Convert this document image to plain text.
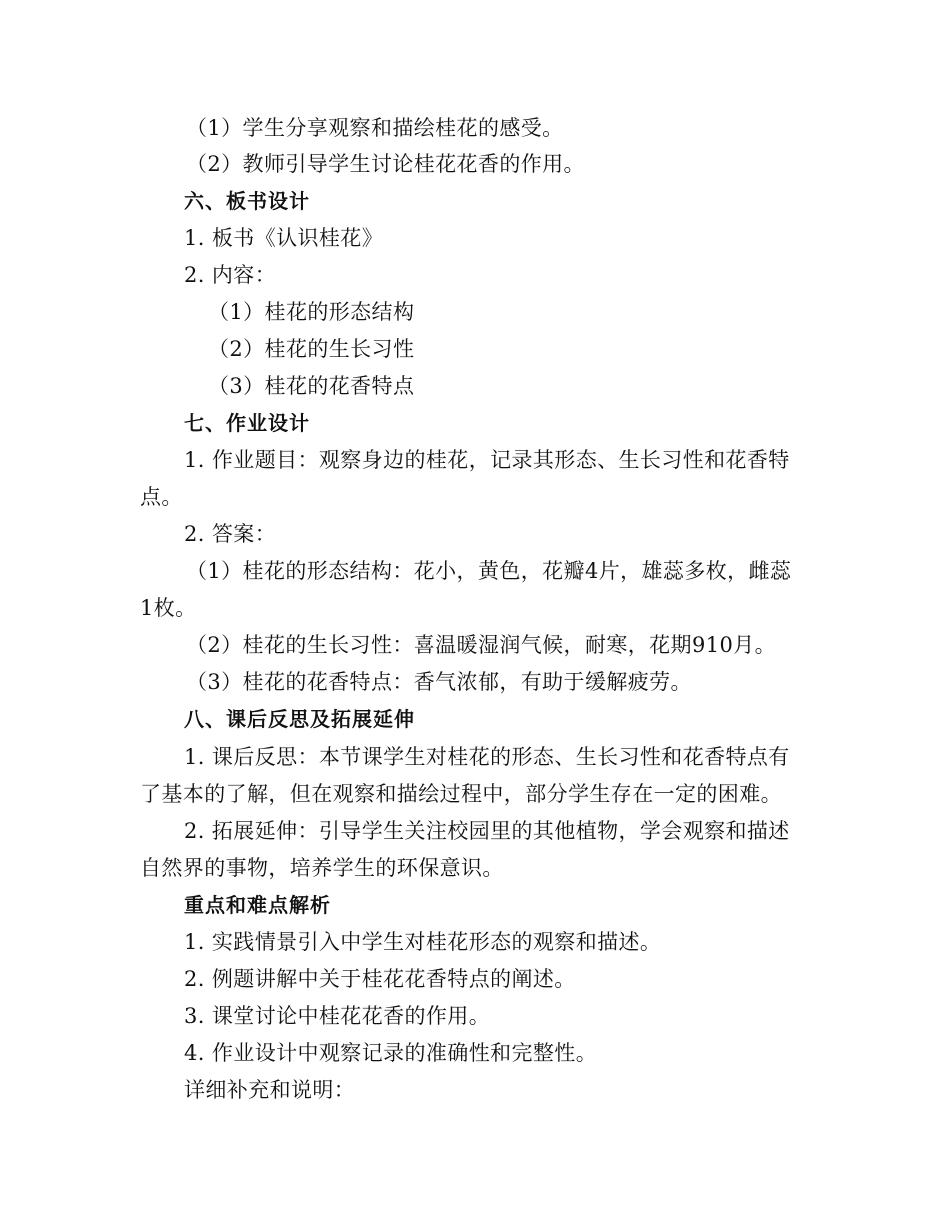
（1）学生分享观察和描绘桂花的感受。
（2）教师引导学生讨论桂花花香的作用。
六、板书设计
1. 板书《认识桂花》
2. 内容：
（1）桂花的形态结构
（2）桂花的生长习性
（3）桂花的花香特点
七、作业设计
1. 作业题目：观察身边的桂花，记录其形态、生长习性和花香特
点。
2. 答案：
（1）桂花的形态结构：花小，黄色，花瓣4片，雄蕊多枚，雌蕊
1枚。
（2）桂花的生长习性：喜温暖湿润气候，耐寒，花期910月。
（3）桂花的花香特点：香气浓郁，有助于缓解疲劳。
八、课后反思及拓展延伸
1. 课后反思：本节课学生对桂花的形态、生长习性和花香特点有
了基本的了解，但在观察和描绘过程中，部分学生存在一定的困难。
2. 拓展延伸：引导学生关注校园里的其他植物，学会观察和描述
自然界的事物，培养学生的环保意识。
重点和难点解析
1. 实践情景引入中学生对桂花形态的观察和描述。
2. 例题讲解中关于桂花花香特点的阐述。
3. 课堂讨论中桂花花香的作用。
4. 作业设计中观察记录的准确性和完整性。
详细补充和说明：
